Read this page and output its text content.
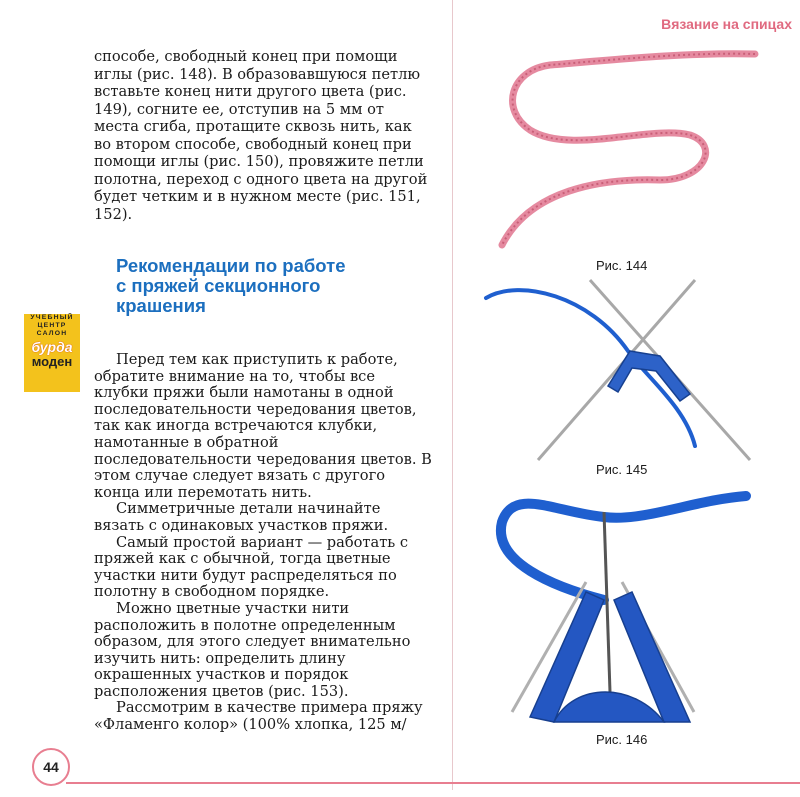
Вязание на спицах

способе, свободный конец при помощи иглы (рис. 148). В образовавшуюся петлю вставьте конец нити другого цвета (рис. 149), согните ее, отступив на 5 мм от места сгиба, протащите сквозь нить, как во втором способе, свободный конец при помощи иглы (рис. 150), провяжите петли полотна, переход с одного цвета на другой будет четким и в нужном месте (рис. 151, 152).

Рекомендации по работе с пряжей секционного крашения
УЧЕБНЫЙ
ЦЕНТР
САЛОН
бурда
моден	Перед тем как приступить к работе, обратите внимание на то, чтобы все клубки пряжи были намотаны в одной последовательности чередования цветов, так как иногда встречаются клубки, намотанные в обратной последовательности чередования цветов. В этом случае следует вязать с другого конца или перемотать нить.

Симметричные детали начинайте вязать с одинаковых участков пряжи.

Самый простой вариант — работать с пряжей как с обычной, тогда цветные участки нити будут распределяться по полотну в свободном порядке.

Можно цветные участки нити расположить в полотне определенным образом, для этого следует внимательно изучить нить: определить длину окрашенных участков и порядок расположения цветов (рис. 153).

Рассмотрим в качестве примера пряжу «Фламенго колор» (100% хлопка, 125 м/

Рис. 144
Рис. 145
Рис. 146
44
